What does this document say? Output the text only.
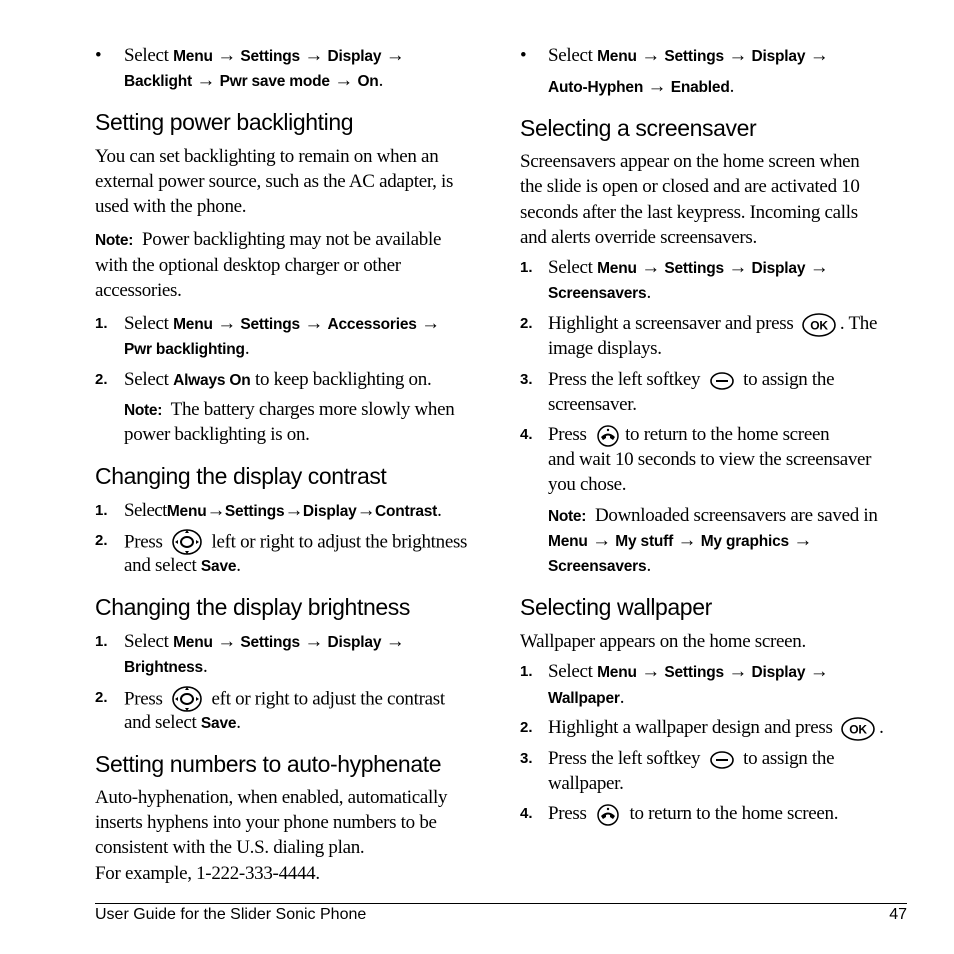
• Select Menu → Settings → Display →
Backlight → Pwr save mode → On.
Setting power backlighting
You can set backlighting to remain on when an
external power source, such as the AC adapter, is
used with the phone.
Note: Power backlighting may not be available
with the optional desktop charger or other
accessories.
1. Select Menu → Settings → Accessories →
Pwr backlighting.
2. Select Always On to keep backlighting on.
Note: The battery charges more slowly when
power backlighting is on.
Changing the display contrast
1. SelectMenu→Settings→Display→Contrast.
2. Press	left or right to adjust the brightness
and select Save.
Changing the display brightness
1. Select Menu → Settings → Display →
Brightness.
2. Press	eft or right to adjust the contrast
and select Save.
Setting numbers to auto-hyphenate
Auto-hyphenation, when enabled, automatically
inserts hyphens into your phone numbers to be
consistent with the U.S. dialing plan.
For example, 1-222-333-4444.
• Select Menu → Settings → Display →
Auto-Hyphen → Enabled.
Selecting a screensaver
Screensavers appear on the home screen when
the slide is open or closed and are activated 10
seconds after the last keypress. Incoming calls
and alerts override screensavers.
1. Select Menu → Settings → Display →
Screensavers.
2. Highlight a screensaver and press OK . The
image displays.
3. Press the left softkey to assign the
screensaver.
4. Press to return to the home screen
and wait 10 seconds to view the screensaver
you chose.
Note: Downloaded screensavers are saved in
Menu → My stuff → My graphics →
Screensavers.
Selecting wallpaper
Wallpaper appears on the home screen.
1. Select Menu → Settings → Display →
Wallpaper.
2. Highlight a wallpaper design and press OK .
3. Press the left softkey to assign the
wallpaper.
4. Press to return to the home screen.
User Guide for the Slider Sonic Phone	47
